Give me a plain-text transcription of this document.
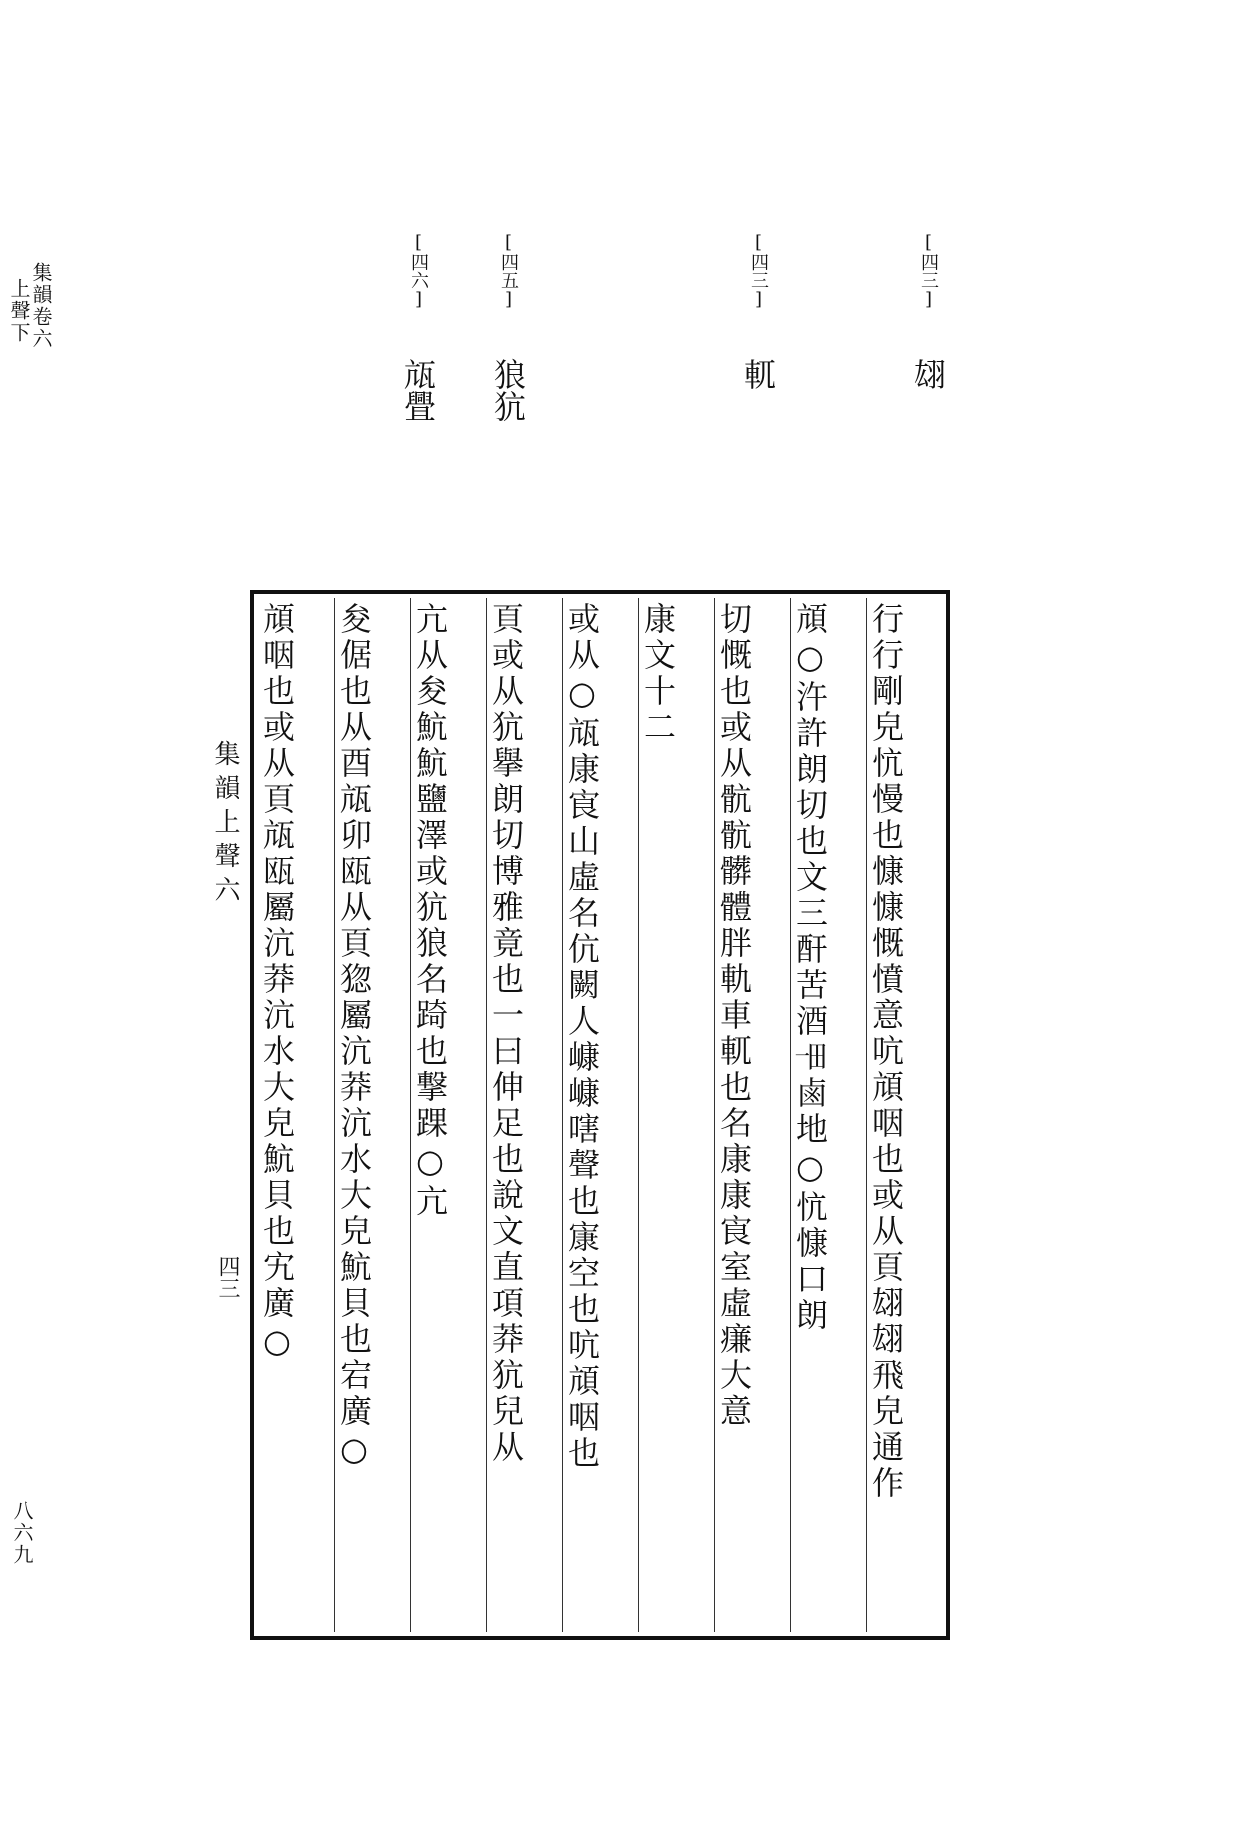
集韻卷六
上聲下
八六九
[四三] 翃
[四三] 軏
[四五] 狼犺
[四六] 㼚舋
集韻上聲六
四三	行行剛皃忼慢也慷慷慨憤意吭頏咽也或从頁翃翃飛皃通作
頏○汻許朗切也文三酐苦酒𤰓鹵地○忼慷口朗
切慨也或从骯骯髒體胖軌車軏也名康康㝗室虛㾾大意
康文十二
或从○㼚康㝗山虛名伉闕人嵻嵻嗐聲也㝩空也吭頏咽也
頁或从犺擧朗切博雅竟也一曰伸足也說文直項莽犺兒从
亢从夋魧魧鹽澤或犺狼名踦也撃踝○亢
夋倨也从酉㼚卯瓯从頁㺀屬沆莽沆水大皃魧貝也宕廣○
頏咽也或从頁㼚瓯屬沆莽沆水大皃魧貝也宄廣○
